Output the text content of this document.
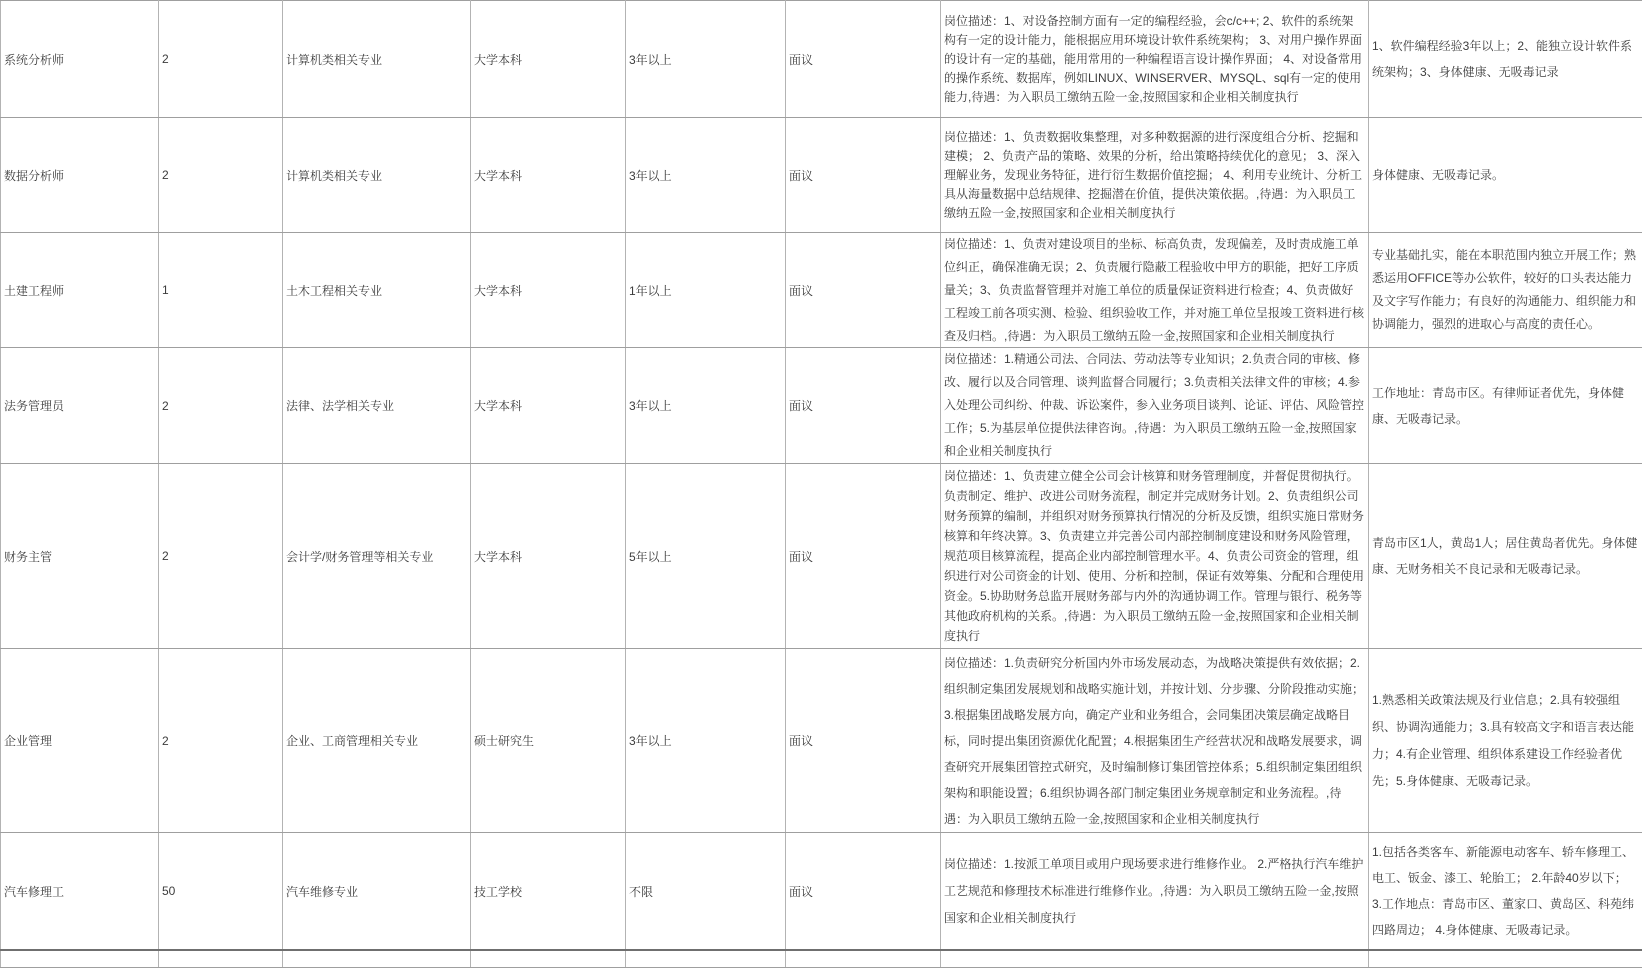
系统分析师	2	计算机类相关专业	大学本科	3年以上	面议	岗位描述：1、对设备控制方面有一定的编程经验，会c/c++; 2、软件的系统架构有一定的设计能力，能根据应用环境设计软件系统架构； 3、对用户操作界面的设计有一定的基础，能用常用的一种编程语言设计操作界面； 4、对设备常用的操作系统、数据库，例如LINUX、WINSERVER、MYSQL、sql有一定的使用能力,待遇：为入职员工缴纳五险一金,按照国家和企业相关制度执行	1、软件编程经验3年以上；2、能独立设计软件系统架构；3、身体健康、无吸毒记录

数据分析师	2	计算机类相关专业	大学本科	3年以上	面议	岗位描述：1、负责数据收集整理，对多种数据源的进行深度组合分析、挖掘和建模； 2、负责产品的策略、效果的分析，给出策略持续优化的意见； 3、深入理解业务，发现业务特征，进行衍生数据价值挖掘； 4、利用专业统计、分析工具从海量数据中总结规律、挖掘潜在价值，提供决策依据。,待遇：为入职员工缴纳五险一金,按照国家和企业相关制度执行	身体健康、无吸毒记录。

土建工程师	1	土木工程相关专业	大学本科	1年以上	面议	岗位描述：1、负责对建设项目的坐标、标高负责，发现偏差，及时责成施工单位纠正，确保准确无误；2、负责履行隐蔽工程验收中甲方的职能，把好工序质量关；3、负责监督管理并对施工单位的质量保证资料进行检查；4、负责做好工程竣工前各项实测、检验、组织验收工作，并对施工单位呈报竣工资料进行核查及归档。,待遇：为入职员工缴纳五险一金,按照国家和企业相关制度执行	专业基础扎实，能在本职范围内独立开展工作；熟悉运用OFFICE等办公软件，较好的口头表达能力及文字写作能力；有良好的沟通能力、组织能力和协调能力，强烈的进取心与高度的责任心。

法务管理员	2	法律、法学相关专业	大学本科	3年以上	面议	岗位描述：1.精通公司法、合同法、劳动法等专业知识；2.负责合同的审核、修改、履行以及合同管理、谈判监督合同履行；3.负责相关法律文件的审核；4.参入处理公司纠纷、仲裁、诉讼案件，参入业务项目谈判、论证、评估、风险管控工作；5.为基层单位提供法律咨询。,待遇：为入职员工缴纳五险一金,按照国家和企业相关制度执行	工作地址：青岛市区。有律师证者优先，身体健康、无吸毒记录。

财务主管	2	会计学/财务管理等相关专业	大学本科	5年以上	面议	岗位描述：1、负责建立健全公司会计核算和财务管理制度，并督促贯彻执行。负责制定、维护、改进公司财务流程，制定并完成财务计划。2、负责组织公司财务预算的编制，并组织对财务预算执行情况的分析及反馈，组织实施日常财务核算和年终决算。3、负责建立并完善公司内部控制制度建设和财务风险管理，规范项目核算流程，提高企业内部控制管理水平。4、负责公司资金的管理，组织进行对公司资金的计划、使用、分析和控制，保证有效筹集、分配和合理使用资金。5.协助财务总监开展财务部与内外的沟通协调工作。管理与银行、税务等其他政府机构的关系。,待遇：为入职员工缴纳五险一金,按照国家和企业相关制度执行	青岛市区1人，黄岛1人；居住黄岛者优先。身体健康、无财务相关不良记录和无吸毒记录。

企业管理	2	企业、工商管理相关专业	硕士研究生	3年以上	面议	岗位描述：1.负责研究分析国内外市场发展动态，为战略决策提供有效依据；2.组织制定集团发展规划和战略实施计划，并按计划、分步骤、分阶段推动实施；3.根据集团战略发展方向，确定产业和业务组合，会同集团决策层确定战略目标，同时提出集团资源优化配置；4.根据集团生产经营状况和战略发展要求，调查研究开展集团管控式研究，及时编制修订集团管控体系；5.组织制定集团组织架构和职能设置；6.组织协调各部门制定集团业务规章制定和业务流程。,待遇：为入职员工缴纳五险一金,按照国家和企业相关制度执行	1.熟悉相关政策法规及行业信息；2.具有较强组织、协调沟通能力；3.具有较高文字和语言表达能力；4.有企业管理、组织体系建设工作经验者优先；5.身体健康、无吸毒记录。

汽车修理工	50	汽车维修专业	技工学校	不限	面议	岗位描述：1.按派工单项目或用户现场要求进行维修作业。 2.严格执行汽车维护工艺规范和修理技术标准进行维修作业。,待遇：为入职员工缴纳五险一金,按照国家和企业相关制度执行	1.包括各类客车、新能源电动客车、轿车修理工、电工、钣金、漆工、轮胎工； 2.年龄40岁以下； 3.工作地点：青岛市区、董家口、黄岛区、科苑纬四路周边； 4.身体健康、无吸毒记录。
